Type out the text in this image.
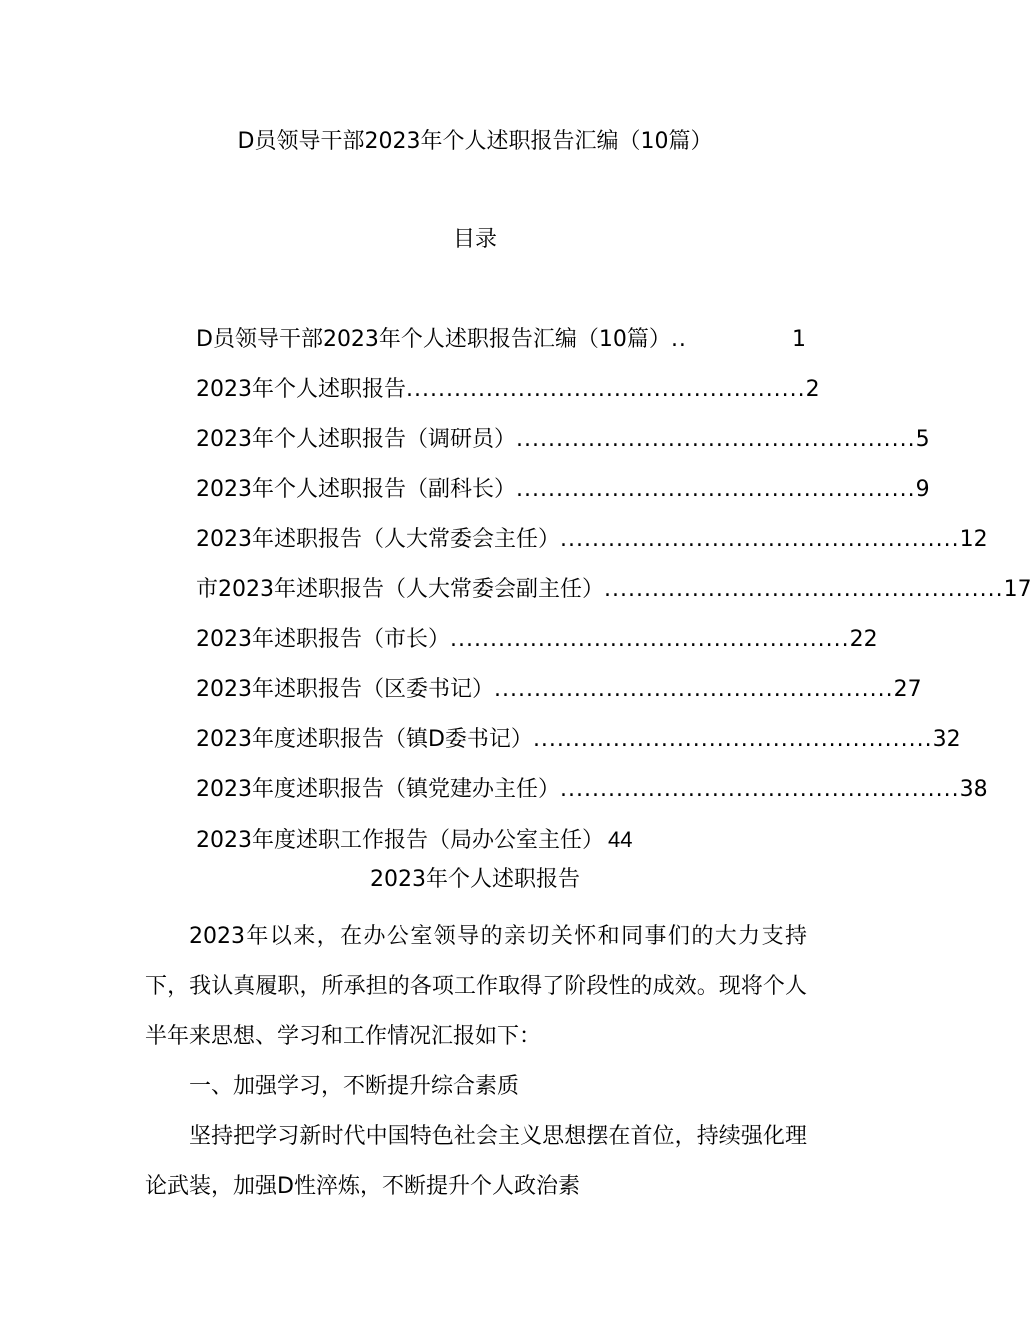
D员领导干部2023年个人述职报告汇编（10篇）
目录
D员领导干部2023年个人述职报告汇编（10篇） ..	1
2023年个人述职报告 .................................................. 2
2023年个人述职报告（调研员） .................................................. 5
2023年个人述职报告（副科长） .................................................. 9
2023年述职报告（人大常委会主任） .................................................. 12
市2023年述职报告（人大常委会副主任） .................................................. 17
2023年述职报告（市长） .................................................. 22
2023年述职报告（区委书记） .................................................. 27
2023年度述职报告（镇D委书记） .................................................. 32
2023年度述职报告（镇党建办主任） .................................................. 38
2023年度述职工作报告（局办公室主任） 44
2023年个人述职报告

2023年以来，在办公室领导的亲切关怀和同事们的大力支持下，我认真履职，所承担的各项工作取得了阶段性的成效。现将个人半年来思想、学习和工作情况汇报如下：

一、加强学习，不断提升综合素质

坚持把学习新时代中国特色社会主义思想摆在首位，持续强化理论武装，加强D性淬炼，不断提升个人政治素
